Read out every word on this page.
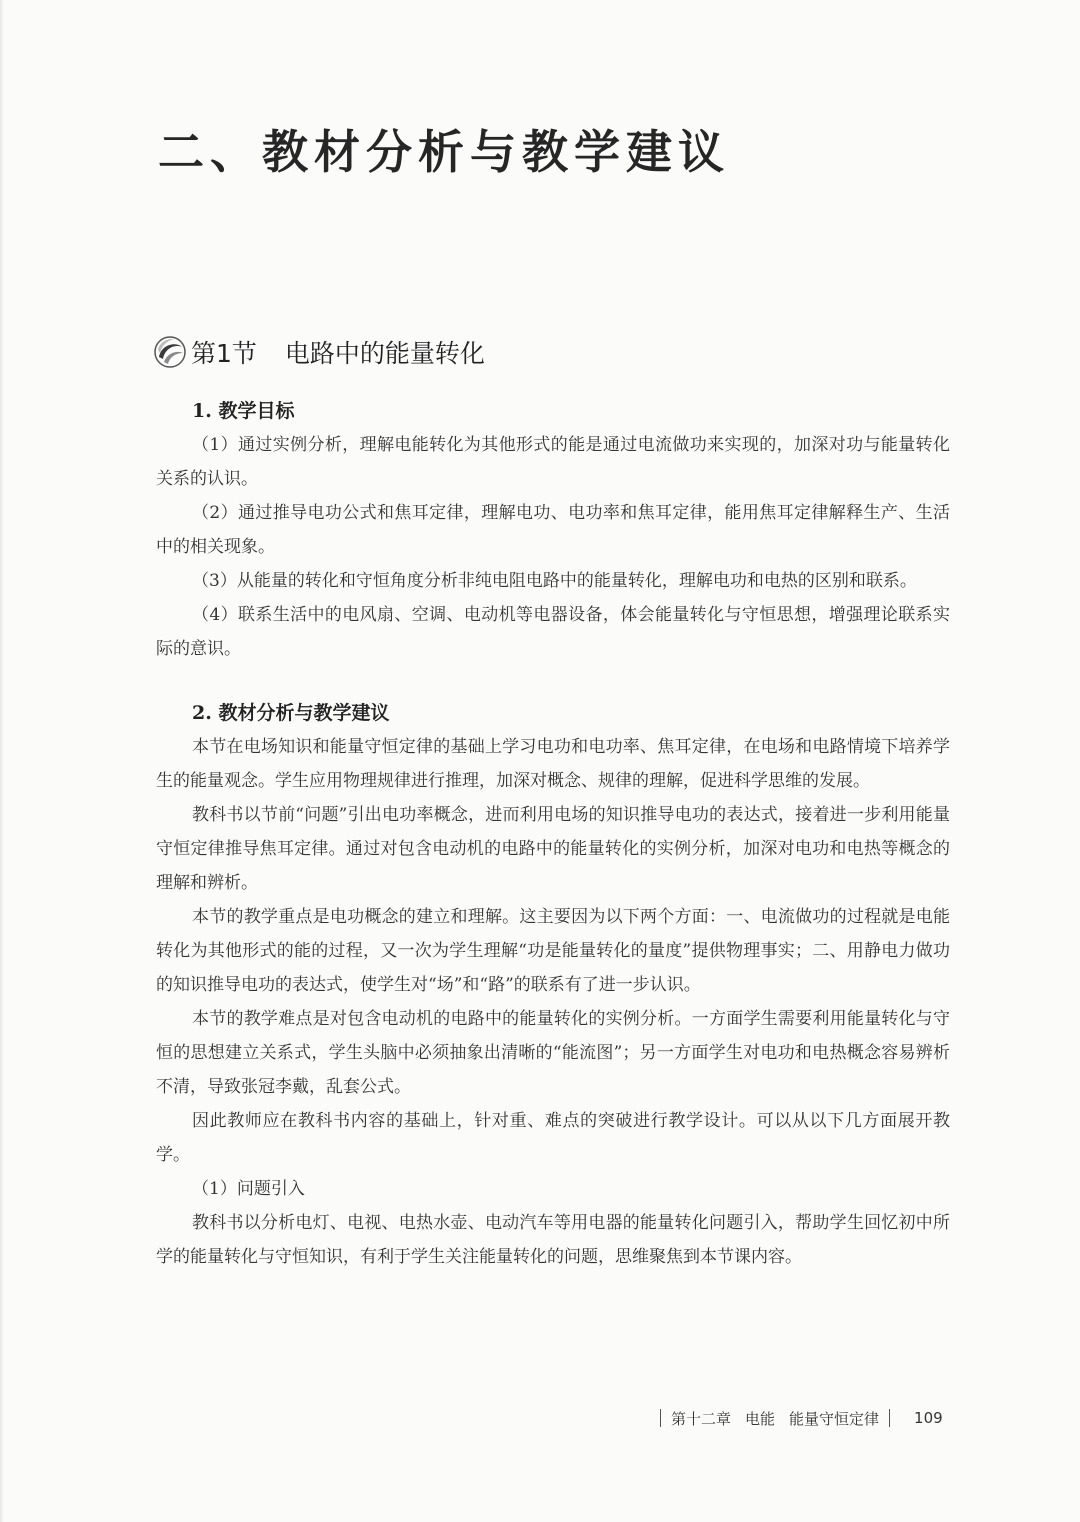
二、教材分析与教学建议
第1节 电路中的能量转化
1. 教学目标

（1）通过实例分析，理解电能转化为其他形式的能是通过电流做功来实现的，加深对功与能量转化关系的认识。

（2）通过推导电功公式和焦耳定律，理解电功、电功率和焦耳定律，能用焦耳定律解释生产、生活中的相关现象。

（3）从能量的转化和守恒角度分析非纯电阻电路中的能量转化，理解电功和电热的区别和联系。

（4）联系生活中的电风扇、空调、电动机等电器设备，体会能量转化与守恒思想，增强理论联系实际的意识。

2. 教材分析与教学建议

本节在电场知识和能量守恒定律的基础上学习电功和电功率、焦耳定律，在电场和电路情境下培养学生的能量观念。学生应用物理规律进行推理，加深对概念、规律的理解，促进科学思维的发展。

教科书以节前“问题”引出电功率概念，进而利用电场的知识推导电功的表达式，接着进一步利用能量守恒定律推导焦耳定律。通过对包含电动机的电路中的能量转化的实例分析，加深对电功和电热等概念的理解和辨析。

本节的教学重点是电功概念的建立和理解。这主要因为以下两个方面：一、电流做功的过程就是电能转化为其他形式的能的过程，又一次为学生理解“功是能量转化的量度”提供物理事实；二、用静电力做功的知识推导电功的表达式，使学生对“场”和“路”的联系有了进一步认识。

本节的教学难点是对包含电动机的电路中的能量转化的实例分析。一方面学生需要利用能量转化与守恒的思想建立关系式，学生头脑中必须抽象出清晰的“能流图”；另一方面学生对电功和电热概念容易辨析不清，导致张冠李戴，乱套公式。

因此教师应在教科书内容的基础上，针对重、难点的突破进行教学设计。可以从以下几方面展开教学。

（1）问题引入

教科书以分析电灯、电视、电热水壶、电动汽车等用电器的能量转化问题引入，帮助学生回忆初中所学的能量转化与守恒知识，有利于学生关注能量转化的问题，思维聚焦到本节课内容。

第十二章 电能 能量守恒定律 109
